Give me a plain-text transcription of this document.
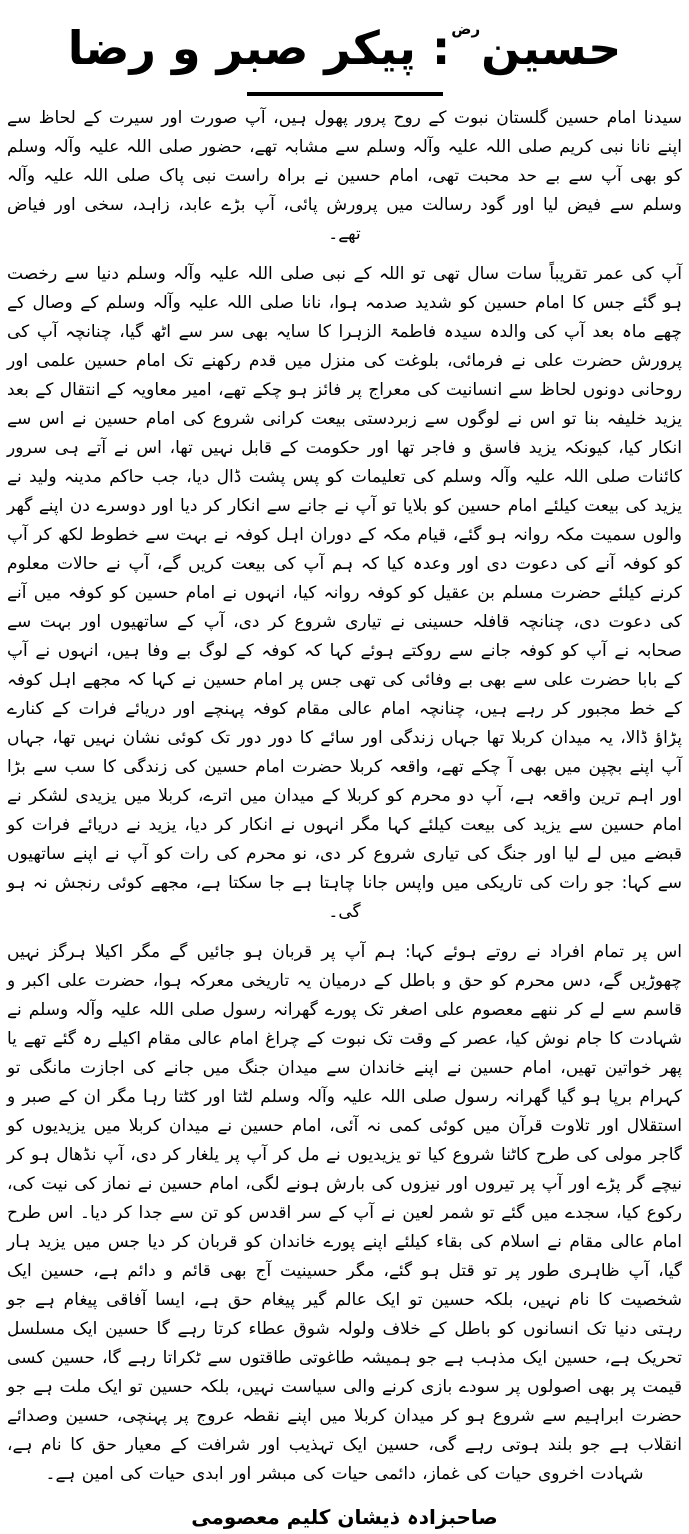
حسینرض: پیکر صبر و رضا

سیدنا امام حسین گلستان نبوت کے روح پرور پھول ہیں، آپ صورت اور سیرت کے لحاظ سے اپنے نانا نبی کریم صلی اللہ علیہ وآلہ وسلم سے مشابہ تھے، حضور صلی اللہ علیہ وآلہ وسلم کو بھی آپ سے بے حد محبت تھی، امام حسین نے براہ راست نبی پاک صلی اللہ علیہ وآلہ وسلم سے فیض لیا اور گود رسالت میں پرورش پائی، آپ بڑے عابد، زاہد، سخی اور فیاض تھے۔

آپ کی عمر تقریباً سات سال تھی تو اللہ کے نبی صلی اللہ علیہ وآلہ وسلم دنیا سے رخصت ہو گئے جس کا امام حسین کو شدید صدمہ ہوا، نانا صلی اللہ علیہ وآلہ وسلم کے وصال کے چھے ماہ بعد آپ کی والدہ سیدہ فاطمۃ الزہرا کا سایہ بھی سر سے اٹھ گیا، چنانچہ آپ کی پرورش حضرت علی نے فرمائی، بلوغت کی منزل میں قدم رکھنے تک امام حسین علمی اور روحانی دونوں لحاظ سے انسانیت کی معراج پر فائز ہو چکے تھے، امیر معاویہ کے انتقال کے بعد یزید خلیفہ بنا تو اس نے لوگوں سے زبردستی بیعت کرانی شروع کی امام حسین نے اس سے انکار کیا، کیونکہ یزید فاسق و فاجر تھا اور حکومت کے قابل نہیں تھا، اس نے آتے ہی سرور کائنات صلی اللہ علیہ وآلہ وسلم کی تعلیمات کو پس پشت ڈال دیا، جب حاکم مدینہ ولید نے یزید کی بیعت کیلئے امام حسین کو بلایا تو آپ نے جانے سے انکار کر دیا اور دوسرے دن اپنے گھر والوں سمیت مکہ روانہ ہو گئے، قیام مکہ کے دوران اہل کوفہ نے بہت سے خطوط لکھ کر آپ کو کوفہ آنے کی دعوت دی اور وعدہ کیا کہ ہم آپ کی بیعت کریں گے، آپ نے حالات معلوم کرنے کیلئے حضرت مسلم بن عقیل کو کوفہ روانہ کیا، انہوں نے امام حسین کو کوفہ میں آنے کی دعوت دی، چنانچہ قافلہ حسینی نے تیاری شروع کر دی، آپ کے ساتھیوں اور بہت سے صحابہ نے آپ کو کوفہ جانے سے روکتے ہوئے کہا کہ کوفہ کے لوگ بے وفا ہیں، انہوں نے آپ کے بابا حضرت علی سے بھی بے وفائی کی تھی جس پر امام حسین نے کہا کہ مجھے اہل کوفہ کے خط مجبور کر رہے ہیں، چنانچہ امام عالی مقام کوفہ پہنچے اور دریائے فرات کے کنارے پڑاؤ ڈالا، یہ میدان کربلا تھا جہاں زندگی اور سائے کا دور دور تک کوئی نشان نہیں تھا، جہاں آپ اپنے بچپن میں بھی آ چکے تھے، واقعہ کربلا حضرت امام حسین کی زندگی کا سب سے بڑا اور اہم ترین واقعہ ہے، آپ دو محرم کو کربلا کے میدان میں اترے، کربلا میں یزیدی لشکر نے امام حسین سے یزید کی بیعت کیلئے کہا مگر انہوں نے انکار کر دیا، یزید نے دریائے فرات کو قبضے میں لے لیا اور جنگ کی تیاری شروع کر دی، نو محرم کی رات کو آپ نے اپنے ساتھیوں سے کہا: جو رات کی تاریکی میں واپس جانا چاہتا ہے جا سکتا ہے، مجھے کوئی رنجش نہ ہو گی۔

اس پر تمام افراد نے روتے ہوئے کہا: ہم آپ پر قربان ہو جائیں گے مگر اکیلا ہرگز نہیں چھوڑیں گے، دس محرم کو حق و باطل کے درمیان یہ تاریخی معرکہ ہوا، حضرت علی اکبر و قاسم سے لے کر ننھے معصوم علی اصغر تک پورے گھرانہ رسول صلی اللہ علیہ وآلہ وسلم نے شہادت کا جام نوش کیا، عصر کے وقت تک نبوت کے چراغ امام عالی مقام اکیلے رہ گئے تھے یا پھر خواتین تھیں، امام حسین نے اپنے خاندان سے میدان جنگ میں جانے کی اجازت مانگی تو کہرام برپا ہو گیا گھرانہ رسول صلی اللہ علیہ وآلہ وسلم لٹتا اور کٹتا رہا مگر ان کے صبر و استقلال اور تلاوت قرآن میں کوئی کمی نہ آئی، امام حسین نے میدان کربلا میں یزیدیوں کو گاجر مولی کی طرح کاٹنا شروع کیا تو یزیدیوں نے مل کر آپ پر یلغار کر دی، آپ نڈھال ہو کر نیچے گر پڑے اور آپ پر تیروں اور نیزوں کی بارش ہونے لگی، امام حسین نے نماز کی نیت کی، رکوع کیا، سجدے میں گئے تو شمر لعین نے آپ کے سر اقدس کو تن سے جدا کر دیا۔ اس طرح امام عالی مقام نے اسلام کی بقاء کیلئے اپنے پورے خاندان کو قربان کر دیا جس میں یزید ہار گیا، آپ ظاہری طور پر تو قتل ہو گئے، مگر حسینیت آج بھی قائم و دائم ہے، حسین ایک شخصیت کا نام نہیں، بلکہ حسین تو ایک عالم گیر پیغام حق ہے، ایسا آفاقی پیغام ہے جو رہتی دنیا تک انسانوں کو باطل کے خلاف ولولہ شوق عطاء کرتا رہے گا حسین ایک مسلسل تحریک ہے، حسین ایک مذہب ہے جو ہمیشہ طاغوتی طاقتوں سے ٹکراتا رہے گا، حسین کسی قیمت پر بھی اصولوں پر سودے بازی کرنے والی سیاست نہیں، بلکہ حسین تو ایک ملت ہے جو حضرت ابراہیم سے شروع ہو کر میدان کربلا میں اپنے نقطہ عروج پر پہنچی، حسین وصدائے انقلاب ہے جو بلند ہوتی رہے گی، حسین ایک تہذیب اور شرافت کے معیار حق کا نام ہے، شہادت اخروی حیات کی غماز، دائمی حیات کی مبشر اور ابدی حیات کی امین ہے۔

صاحبزادہ ذیشان کلیم معصومی
